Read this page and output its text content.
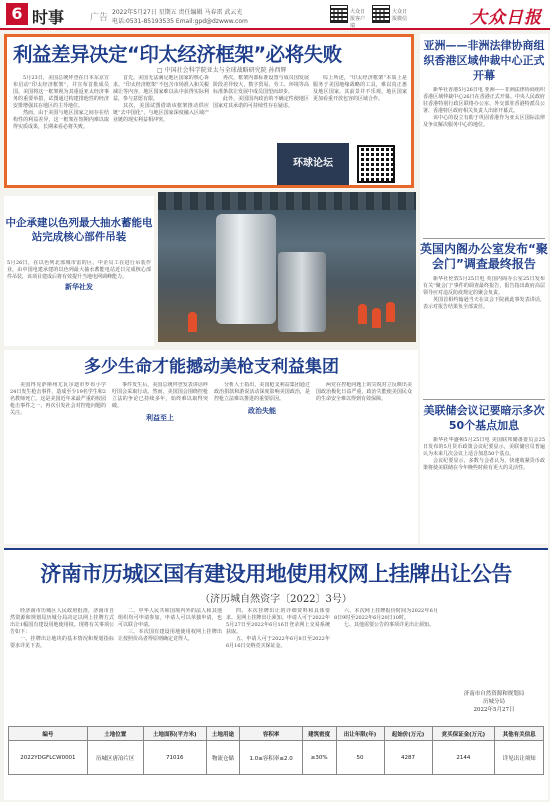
6 时事	广告
2022年5月27日 星期五 责任编辑 马春雷 武云光
电话:0531-85193535 Email:gpd@dzwww.com
大众日报客户端
大众日报微信	大众日报
利益差异决定“印太经济框架”必将失败
□ 中国社会科学院亚太与全球战略研究院 孙西辉

5月23日，美国总统拜登在日本东京宣布启动“印太经济框架”，并宣布首批成员国。美国将这一框架视为其重返亚太经济事务的重要举措，试图通过构建排他性的经济安排增强其在地区的主导地位。

然而，由于美国与地区国家之间存在结构性的利益差异，这一框架在短期内难以取得实质成果，长期来看必将失败。

首先，美国无法满足地区国家的核心诉求。“印太经济框架”不包含市场准入和关税减让等内容，地区国家难以从中获得实际利益，参与意愿有限。

其次，美国试图借助该框架推动供应链“去中国化”，与地区国家深度融入区域产业链的现实利益相冲突。

再次，框架内部标准设置与成员国发展阶段差异较大，数字贸易、劳工、环境等高标准条款让发展中成员国望而却步。

此外，美国国内政治的不确定性使地区国家对其承诺的可持续性存在疑虑。

综上所述，“印太经济框架”本质上是服务于美国地缘战略的工具，难以真正惠及地区国家，其前景并不乐观。地区国家更加看重开放包容的区域合作。

环球论坛
亚洲——非洲法律协商组织香港区域仲裁中心正式开幕

新华社香港5月26日电 亚洲——非洲法律协商组织香港区域仲裁中心26日在香港正式开幕。中央人民政府驻香港特别行政区联络办公室、外交部驻香港特派员公署、香港特区政府相关负责人出席开幕式。

该中心的设立有助于巩固香港作为亚太区国际法律及争议解决服务中心的地位。

英国内阁办公室发布“聚会门”调查最终报告

新华社伦敦5月25日电 英国内阁办公室25日发布有关“聚会门”事件的调查最终报告，报告指出政府高层领导应对违反防疫规定的聚会负责。

英国首相约翰逊当天在议会下院就此事发表讲话，表示对报告结果负全部责任。

美联储会议记要暗示多次50个基点加息

新华社华盛顿5月25日电 美国联邦储备委员会25日发布的5月货币政策会议纪要显示，美联储官员普遍认为未来几次会议上适合加息50个基点。

会议纪要显示，多数与会者认为，快速收紧货币政策将使美联储在今年晚些时候有更大的灵活性。

中企承建以色列最大抽水蓄能电站完成核心部件吊装

5月26日，在以色列北部城市雷的区，中企员工在进行吊装作业。由中国电建承建的以色列最大抽水蓄能电站近日完成核心部件吊装，该项目建成后将有效提升当地电网调峰能力。

新华社发
多少生命才能撼动美枪支利益集团

美国得克萨斯州尤瓦尔迪市罗布小学24日发生枪击事件，造成至少19名学生和2名教师死亡。这是美国近年来最严重的校园枪击事件之一，再次引发社会对控枪问题的关注。

事件发生后，美国总统拜登发表讲话呼吁国会采取行动。然而，美国国会围绕控枪立法的争论已持续多年，始终难以取得突破。

利益至上

分析人士指出，美国枪支利益集团通过政治捐款和游说活动深度影响美国政治，是控枪立法难以推进的重要原因。

政治失能

两党在控枪问题上的尖锐对立反映出美国政治极化日益严重，政治失能使美国民众的生命安全难以得到有效保障。

济南市历城区国有建设用地使用权网上挂牌出让公告
（济历城自然资字〔2022〕3号）

经济南市历城区人民政府批准，济南市自然资源和规划局历城分局决定以网上挂牌方式出让1幅国有建设用地使用权。现将有关事项公告如下：

一、挂牌出让地块的基本情况和规划指标要求详见下表。

二、中华人民共和国境内外的法人和其他组织均可申请参加，申请人可以单独申请，也可以联合申请。

三、本次国有建设用地使用权网上挂牌出让按照价高者得原则确定竞得人。

四、本次挂牌出让的详细资料和具体要求，见网上挂牌出让须知。申请人可于2022年5月27日至2022年6月16日登录网上交易系统获取。

五、申请人可于2022年6月8日至2022年6月16日交纳竞买保证金。

六、本次网上挂牌报价时间为2022年6月8日9时至2022年6月20日10时。

七、其他需要公告的事项详见出让须知。

济南市自然资源和规划局
历城分局
2022年5月27日
编号	土地位置	土地面积(平方米)	土地用途	容积率	建筑密度	出让年限(年)	起始价(万元)	竞买保证金(万元)	其他有关信息
2022YDGFLCW0001	历城区唐冶片区	71016	物流仓储	1.0≤容积率≤2.0	≥30%	50	4287	2144	详见出让须知
